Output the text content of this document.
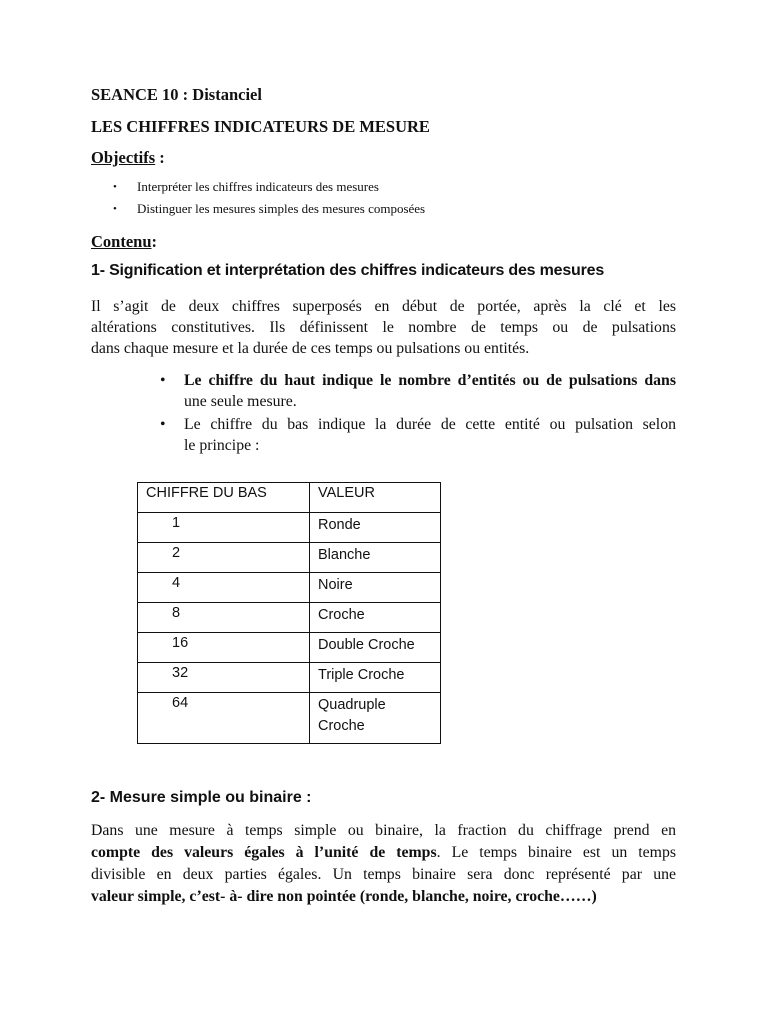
SEANCE 10 : Distanciel
LES CHIFFRES INDICATEURS DE MESURE
Objectifs :
• Interpréter les chiffres indicateurs des mesures
• Distinguer les mesures simples des mesures composées
Contenu:
1- Signification et interprétation des chiffres indicateurs des mesures
Il s’agit de deux chiffres superposés en début de portée, après la clé et les
altérations constitutives. Ils définissent le nombre de temps ou de pulsations
dans chaque mesure et la durée de ces temps ou pulsations ou entités.
• Le chiffre du haut indique le nombre d’entités ou de pulsations dans
une seule mesure.
• Le chiffre du bas indique la durée de cette entité ou pulsation selon
le principe :
CHIFFRE DU BAS	VALEUR
1	Ronde
2	Blanche
4	Noire
8	Croche
16	Double Croche
32	Triple Croche
64	Quadruple Croche
2- Mesure simple ou binaire :
Dans une mesure à temps simple ou binaire, la fraction du chiffrage prend en
compte des valeurs égales à l’unité de temps. Le temps binaire est un temps
divisible en deux parties égales. Un temps binaire sera donc représenté par une
valeur simple, c’est- à- dire non pointée (ronde, blanche, noire, croche……)
